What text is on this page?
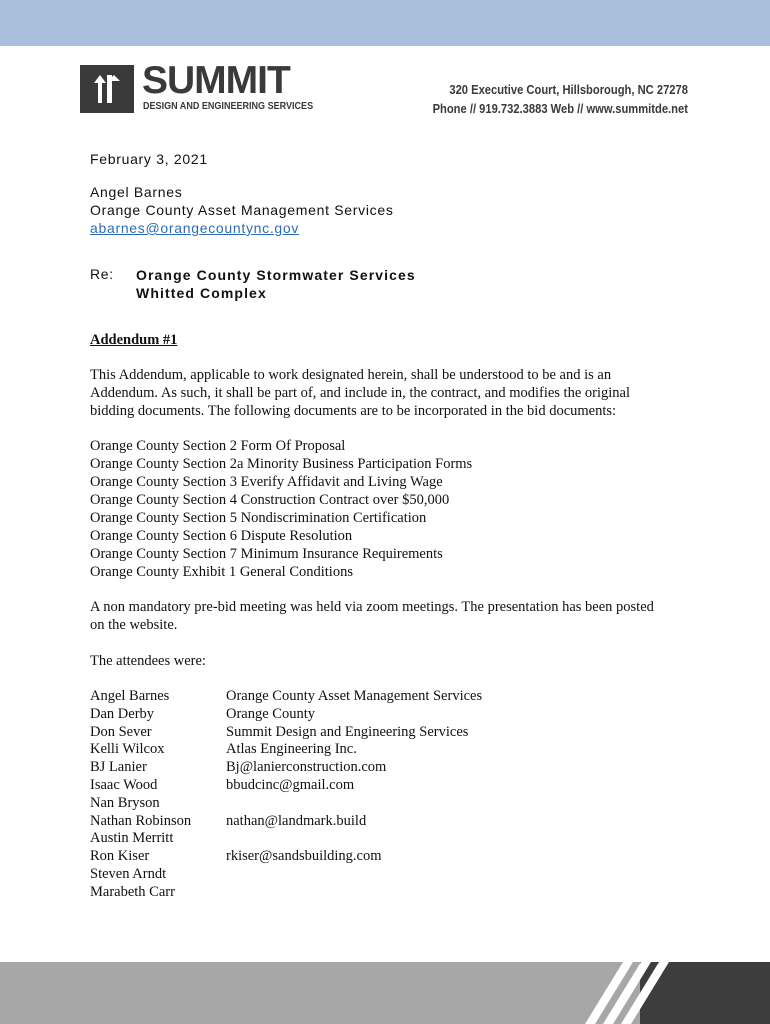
SUMMIT
DESIGN AND ENGINEERING SERVICES
320 Executive Court, Hillsborough, NC 27278
Phone // 919.732.3883 Web // www.summitde.net
February 3, 2021
Angel Barnes
Orange County Asset Management Services
abarnes@orangecountync.gov
Re: Orange County Stormwater Services
Whitted Complex
Addendum #1
This Addendum, applicable to work designated herein, shall be understood to be and is an
Addendum. As such, it shall be part of, and include in, the contract, and modifies the original
bidding documents. The following documents are to be incorporated in the bid documents:
Orange County Section 2 Form Of Proposal
Orange County Section 2a Minority Business Participation Forms
Orange County Section 3 Everify Affidavit and Living Wage
Orange County Section 4 Construction Contract over $50,000
Orange County Section 5 Nondiscrimination Certification
Orange County Section 6 Dispute Resolution
Orange County Section 7 Minimum Insurance Requirements
Orange County Exhibit 1 General Conditions
A non mandatory pre-bid meeting was held via zoom meetings. The presentation has been posted
on the website.
The attendees were:
Angel Barnes	Orange County Asset Management Services
Dan Derby	Orange County
Don Sever	Summit Design and Engineering Services
Kelli Wilcox	Atlas Engineering Inc.
BJ Lanier	Bj@lanierconstruction.com
Isaac Wood	bbudcinc@gmail.com
Nan Bryson
Nathan Robinson nathan@landmark.build
Austin Merritt
Ron Kiser	rkiser@sandsbuilding.com
Steven Arndt
Marabeth Carr
